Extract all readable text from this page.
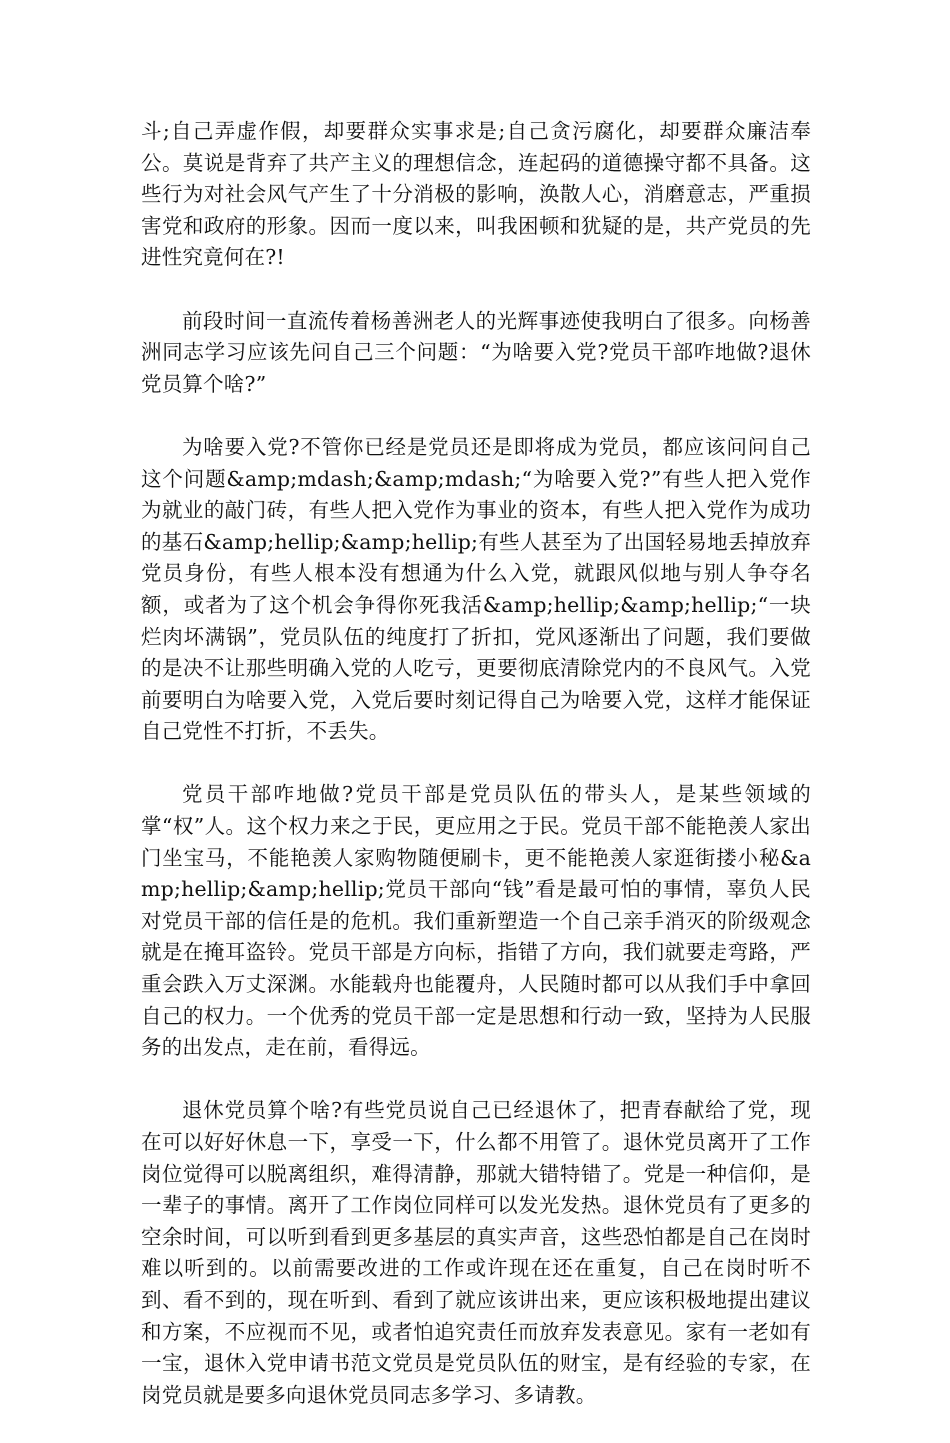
斗;自己弄虚作假，却要群众实事求是;自己贪污腐化，却要群众廉洁奉公。莫说是背弃了共产主义的理想信念，连起码的道德操守都不具备。这些行为对社会风气产生了十分消极的影响，涣散人心，消磨意志，严重损害党和政府的形象。因而一度以来，叫我困顿和犹疑的是，共产党员的先进性究竟何在?!

前段时间一直流传着杨善洲老人的光辉事迹使我明白了很多。向杨善洲同志学习应该先问自己三个问题：“为啥要入党?党员干部咋地做?退休党员算个啥?”

为啥要入党?不管你已经是党员还是即将成为党员，都应该问问自己这个问题&amp;mdash;&amp;mdash;“为啥要入党?”有些人把入党作为就业的敲门砖，有些人把入党作为事业的资本，有些人把入党作为成功的基石&amp;hellip;&amp;hellip;有些人甚至为了出国轻易地丢掉放弃党员身份，有些人根本没有想通为什么入党，就跟风似地与别人争夺名额，或者为了这个机会争得你死我活&amp;hellip;&amp;hellip;“一块烂肉坏满锅”，党员队伍的纯度打了折扣，党风逐渐出了问题，我们要做的是决不让那些明确入党的人吃亏，更要彻底清除党内的不良风气。入党前要明白为啥要入党，入党后要时刻记得自己为啥要入党，这样才能保证自己党性不打折，不丢失。

党员干部咋地做?党员干部是党员队伍的带头人，是某些领域的掌“权”人。这个权力来之于民，更应用之于民。党员干部不能艳羡人家出门坐宝马，不能艳羡人家购物随便刷卡，更不能艳羡人家逛街搂小秘&amp;hellip;&amp;hellip;党员干部向“钱”看是最可怕的事情，辜负人民对党员干部的信任是的危机。我们重新塑造一个自己亲手消灭的阶级观念就是在掩耳盗铃。党员干部是方向标，指错了方向，我们就要走弯路，严重会跌入万丈深渊。水能载舟也能覆舟，人民随时都可以从我们手中拿回自己的权力。一个优秀的党员干部一定是思想和行动一致，坚持为人民服务的出发点，走在前，看得远。

退休党员算个啥?有些党员说自己已经退休了，把青春献给了党，现在可以好好休息一下，享受一下，什么都不用管了。退休党员离开了工作岗位觉得可以脱离组织，难得清静，那就大错特错了。党是一种信仰，是一辈子的事情。离开了工作岗位同样可以发光发热。退休党员有了更多的空余时间，可以听到看到更多基层的真实声音，这些恐怕都是自己在岗时难以听到的。以前需要改进的工作或许现在还在重复，自己在岗时听不到、看不到的，现在听到、看到了就应该讲出来，更应该积极地提出建议和方案，不应视而不见，或者怕追究责任而放弃发表意见。家有一老如有一宝，退休入党申请书范文党员是党员队伍的财宝，是有经验的专家，在岗党员就是要多向退休党员同志多学习、多请教。
